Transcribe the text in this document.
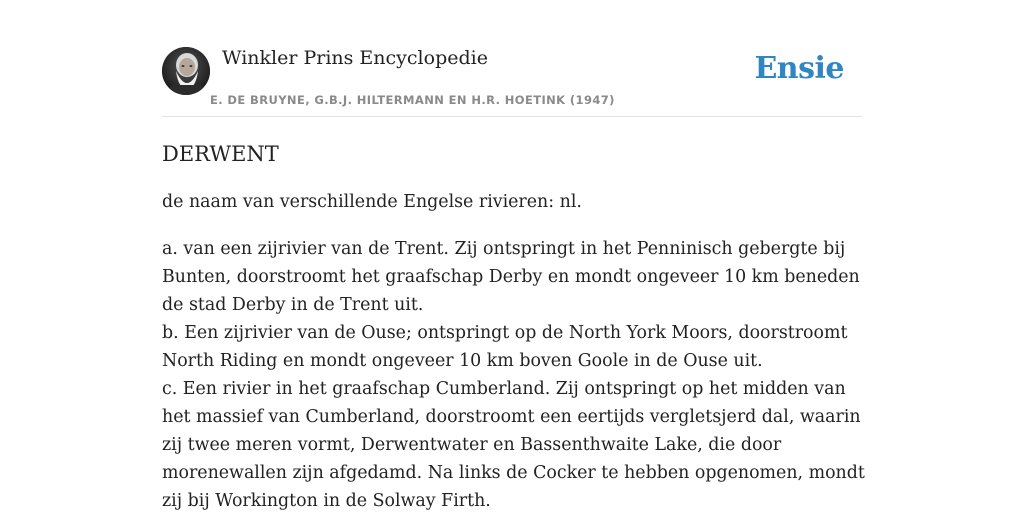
Winkler Prins Encyclopedie
E. DE BRUYNE, G.B.J. HILTERMANN EN H.R. HOETINK (1947)
Ensie
DERWENT

de naam van verschillende Engelse rivieren: nl.

a. van een zijrivier van de Trent. Zij ontspringt in het Penninisch gebergte bij Bunten, doorstroomt het graafschap Derby en mondt ongeveer 10 km beneden de stad Derby in de Trent uit.

b. Een zijrivier van de Ouse; ontspringt op de North York Moors, doorstroomt North Riding en mondt ongeveer 10 km boven Goole in de Ouse uit.

c. Een rivier in het graafschap Cumberland. Zij ontspringt op het midden van het massief van Cumberland, doorstroomt een eertijds vergletsjerd dal, waarin zij twee meren vormt, Derwentwater en Bassenthwaite Lake, die door morenewallen zijn afgedamd. Na links de Cocker te hebben opgenomen, mondt zij bij Workington in de Solway Firth.
